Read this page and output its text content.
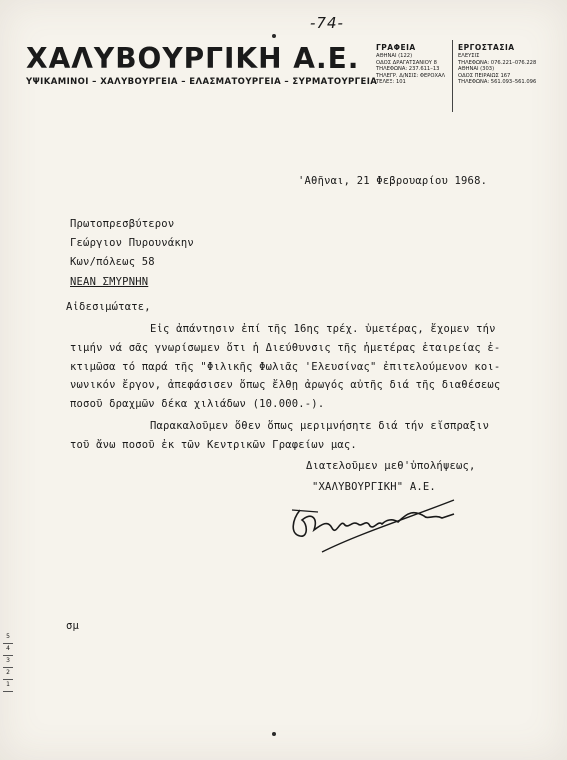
-74-
ΧΑΛΥΒΟΥΡΓΙΚΗ Α.Ε.
ΥΨΙΚΑΜΙΝΟΙ – ΧΑΛΥΒΟΥΡΓΕΙΑ – ΕΛΑΣΜΑΤΟΥΡΓΕΙΑ – ΣΥΡΜΑΤΟΥΡΓΕΙΑ
ΓΡΑΦΕΙΑ
ΑΘΗΝΑΙ (122)
ΟΔΟΣ ΔΡΑΓΑΤΣΑΝΙΟΥ 8
ΤΗΛΕΦΩΝΑ: 237.611–13
ΤΗΛΕΓΡ. Δ/ΝΣΙΣ: ΦΕΡΟΧΑΛ
ΤΕΛΕΞ: 101
ΕΡΓΟΣΤΑΣΙΑ
ΕΛΕΥΣΙΣ
ΤΗΛΕΦΩΝΑ: 076.221–076.228
ΑΘΗΝΑΙ (303)
ΟΔΟΣ ΠΕΙΡΑΙΩΣ 167
ΤΗΛΕΦΩΝΑ: 561.093–561.096
'Αθῆναι, 21 Φεβρουαρίου 1968.
Πρωτοπρεσβύτερον
Γεώργιον Πυρουνάκην
Κων/πόλεως 58
ΝΕΑΝ ΣΜΥΡΝΗΝ
Αἰδεσιμώτατε,
Εἰς ἀπάντησιν ἐπί τῆς 16ης τρέχ. ὑμετέρας, ἔχομεν τήν
τιμήν νά σᾶς γνωρίσωμεν ὅτι ἡ Διεύθυνσις τῆς ἡμετέρας ἑταιρείας ἐ-
κτιμῶσα τό παρά τῆς "Φιλικῆς Φωλιᾶς 'Ελευσίνας" ἐπιτελούμενον κοι-
νωνικόν ἔργον, ἀπεφάσισεν ὅπως ἔλθῃ ἀρωγός αὐτῆς διά τῆς διαθέσεως
ποσοῦ δραχμῶν δέκα χιλιάδων (10.000.-).
Παρακαλοῦμεν ὅθεν ὅπως μεριμνήσητε διά τήν εἴσπραξιν
τοῦ ἄνω ποσοῦ ἐκ τῶν Κεντρικῶν Γραφείων μας.
Διατελοῦμεν μεθ'ὑπολήψεως,
"ΧΑΛΥΒΟΥΡΓΙΚΗ" Α.Ε.
σμ
5
4
3
2
1
